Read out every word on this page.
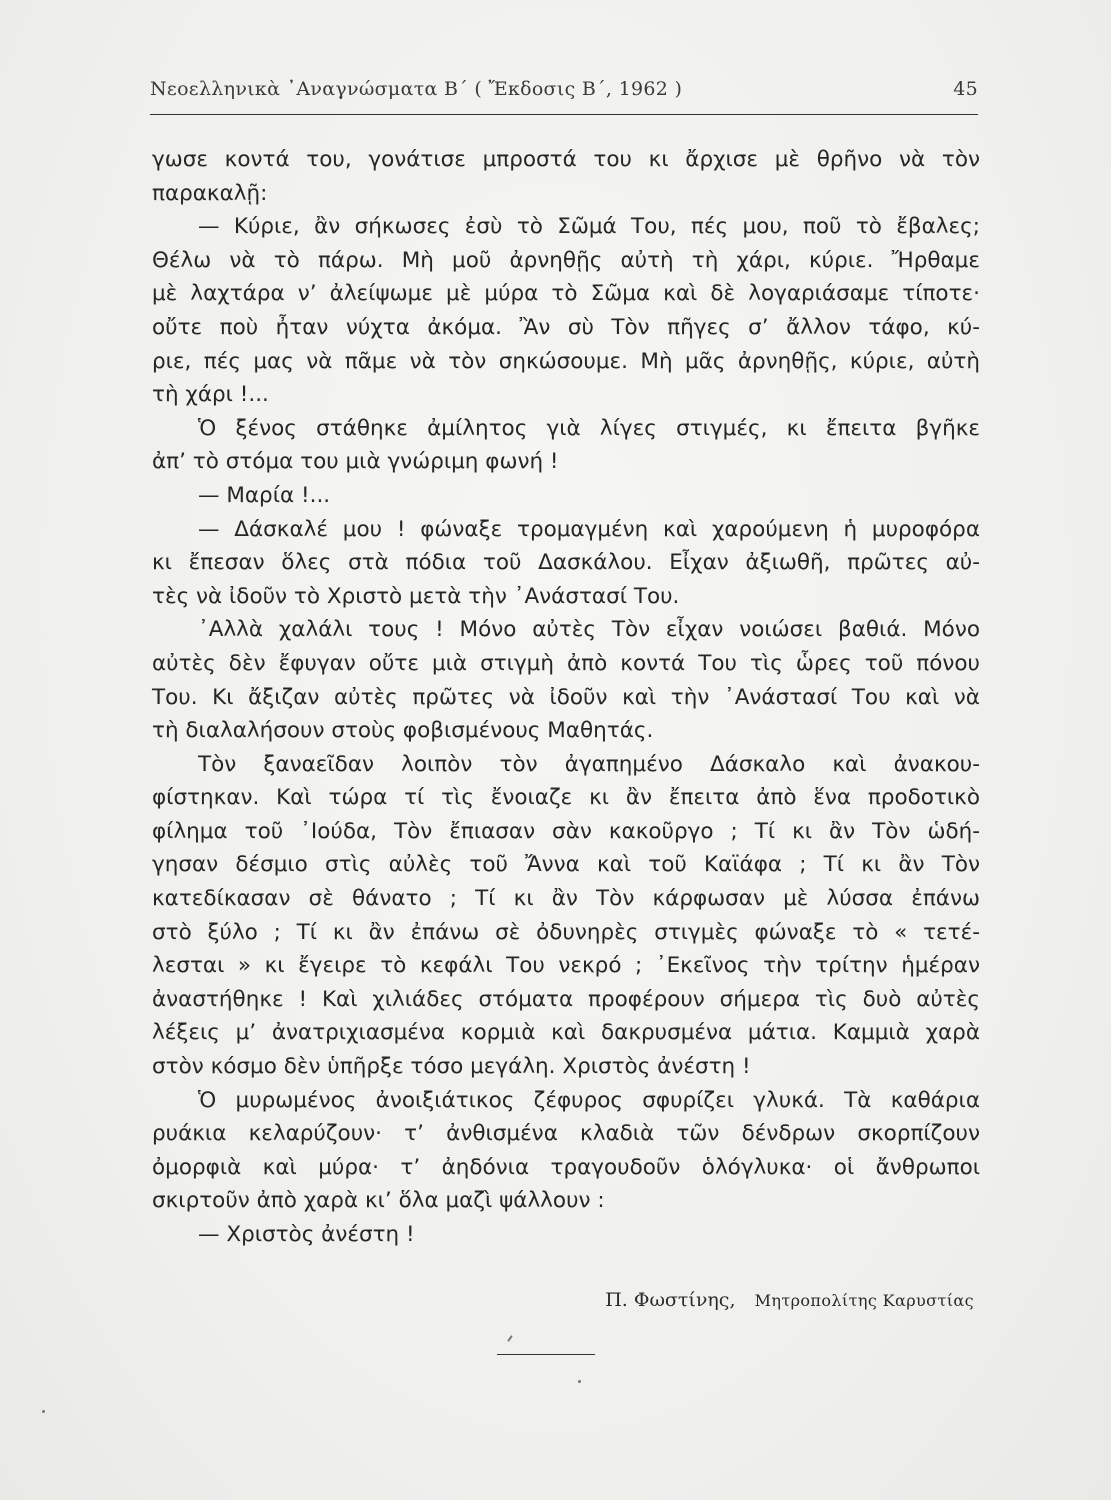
Νεοελληνικὰ ᾿Αναγνώσματα Β΄ ( Ἔκδοσις Β΄, 1962 )	45
γωσε κοντά του, γονάτισε μπροστά του κι ἄρχισε μὲ θρῆνο νὰ τὸν
παρακαλῇ:
— Κύριε, ἂν σήκωσες ἐσὺ τὸ Σῶμά Του, πές μου, ποῦ τὸ ἔβαλες;
Θέλω νὰ τὸ πάρω. Μὴ μοῦ ἀρνηθῇς αὐτὴ τὴ χάρι, κύριε. Ἤρθαμε
μὲ λαχτάρα ν’ ἀλείψωμε μὲ μύρα τὸ Σῶμα καὶ δὲ λογαριάσαμε τίποτε·
οὔτε ποὺ ἦταν νύχτα ἀκόμα. Ἂν σὺ Τὸν πῆγες σ’ ἄλλον τάφο, κύ-
ριε, πές μας νὰ πᾶμε νὰ τὸν σηκώσουμε. Μὴ μᾶς ἀρνηθῇς, κύριε, αὐτὴ
τὴ χάρι !...
Ὁ ξένος στάθηκε ἀμίλητος γιὰ λίγες στιγμές, κι ἔπειτα βγῆκε
ἀπ’ τὸ στόμα του μιὰ γνώριμη φωνή !
— Μαρία !...
— Δάσκαλέ μου ! φώναξε τρομαγμένη καὶ χαρούμενη ἡ μυροφόρα
κι ἔπεσαν ὅλες στὰ πόδια τοῦ Δασκάλου. Εἶχαν ἀξιωθῆ, πρῶτες αὐ-
τὲς νὰ ἰδοῦν τὸ Χριστὸ μετὰ τὴν ᾿Ανάστασί Του.
᾿Αλλὰ χαλάλι τους ! Μόνο αὐτὲς Τὸν εἶχαν νοιώσει βαθιά. Μόνο
αὐτὲς δὲν ἔφυγαν οὔτε μιὰ στιγμὴ ἀπὸ κοντά Του τὶς ὧρες τοῦ πόνου
Του. Κι ἄξιζαν αὐτὲς πρῶτες νὰ ἰδοῦν καὶ τὴν ᾿Ανάστασί Του καὶ νὰ
τὴ διαλαλήσουν στοὺς φοβισμένους Μαθητάς.
Τὸν ξαναεῖδαν λοιπὸν τὸν ἀγαπημένο Δάσκαλο καὶ ἀνακου-
φίστηκαν. Καὶ τώρα τί τὶς ἔνοιαζε κι ἂν ἔπειτα ἀπὸ ἕνα προδοτικὸ
φίλημα τοῦ ᾿Ιούδα, Τὸν ἔπιασαν σὰν κακοῦργο ; Τί κι ἂν Τὸν ὡδή-
γησαν δέσμιο στὶς αὐλὲς τοῦ Ἄννα καὶ τοῦ Καϊάφα ; Τί κι ἂν Τὸν
κατεδίκασαν σὲ θάνατο ; Τί κι ἂν Τὸν κάρφωσαν μὲ λύσσα ἐπάνω
στὸ ξύλο ; Τί κι ἂν ἐπάνω σὲ ὀδυνηρὲς στιγμὲς φώναξε τὸ « τετέ-
λεσται » κι ἔγειρε τὸ κεφάλι Του νεκρό ; ᾿Εκεῖνος τὴν τρίτην ἡμέραν
ἀναστήθηκε ! Καὶ χιλιάδες στόματα προφέρουν σήμερα τὶς δυὸ αὐτὲς
λέξεις μ’ ἀνατριχιασμένα κορμιὰ καὶ δακρυσμένα μάτια. Καμμιὰ χαρὰ
στὸν κόσμο δὲν ὑπῆρξε τόσο μεγάλη. Χριστὸς ἀνέστη !
Ὁ μυρωμένος ἀνοιξιάτικος ζέφυρος σφυρίζει γλυκά. Τὰ καθάρια
ρυάκια κελαρύζουν· τ’ ἀνθισμένα κλαδιὰ τῶν δένδρων σκορπίζουν
ὀμορφιὰ καὶ μύρα· τ’ ἀηδόνια τραγουδοῦν ὁλόγλυκα· οἱ ἄνθρωποι
σκιρτοῦν ἀπὸ χαρὰ κι’ ὅλα μαζὶ ψάλλουν :
— Χριστὸς ἀνέστη !
Π. Φωστίνης, Μητροπολίτης Καρυστίας
